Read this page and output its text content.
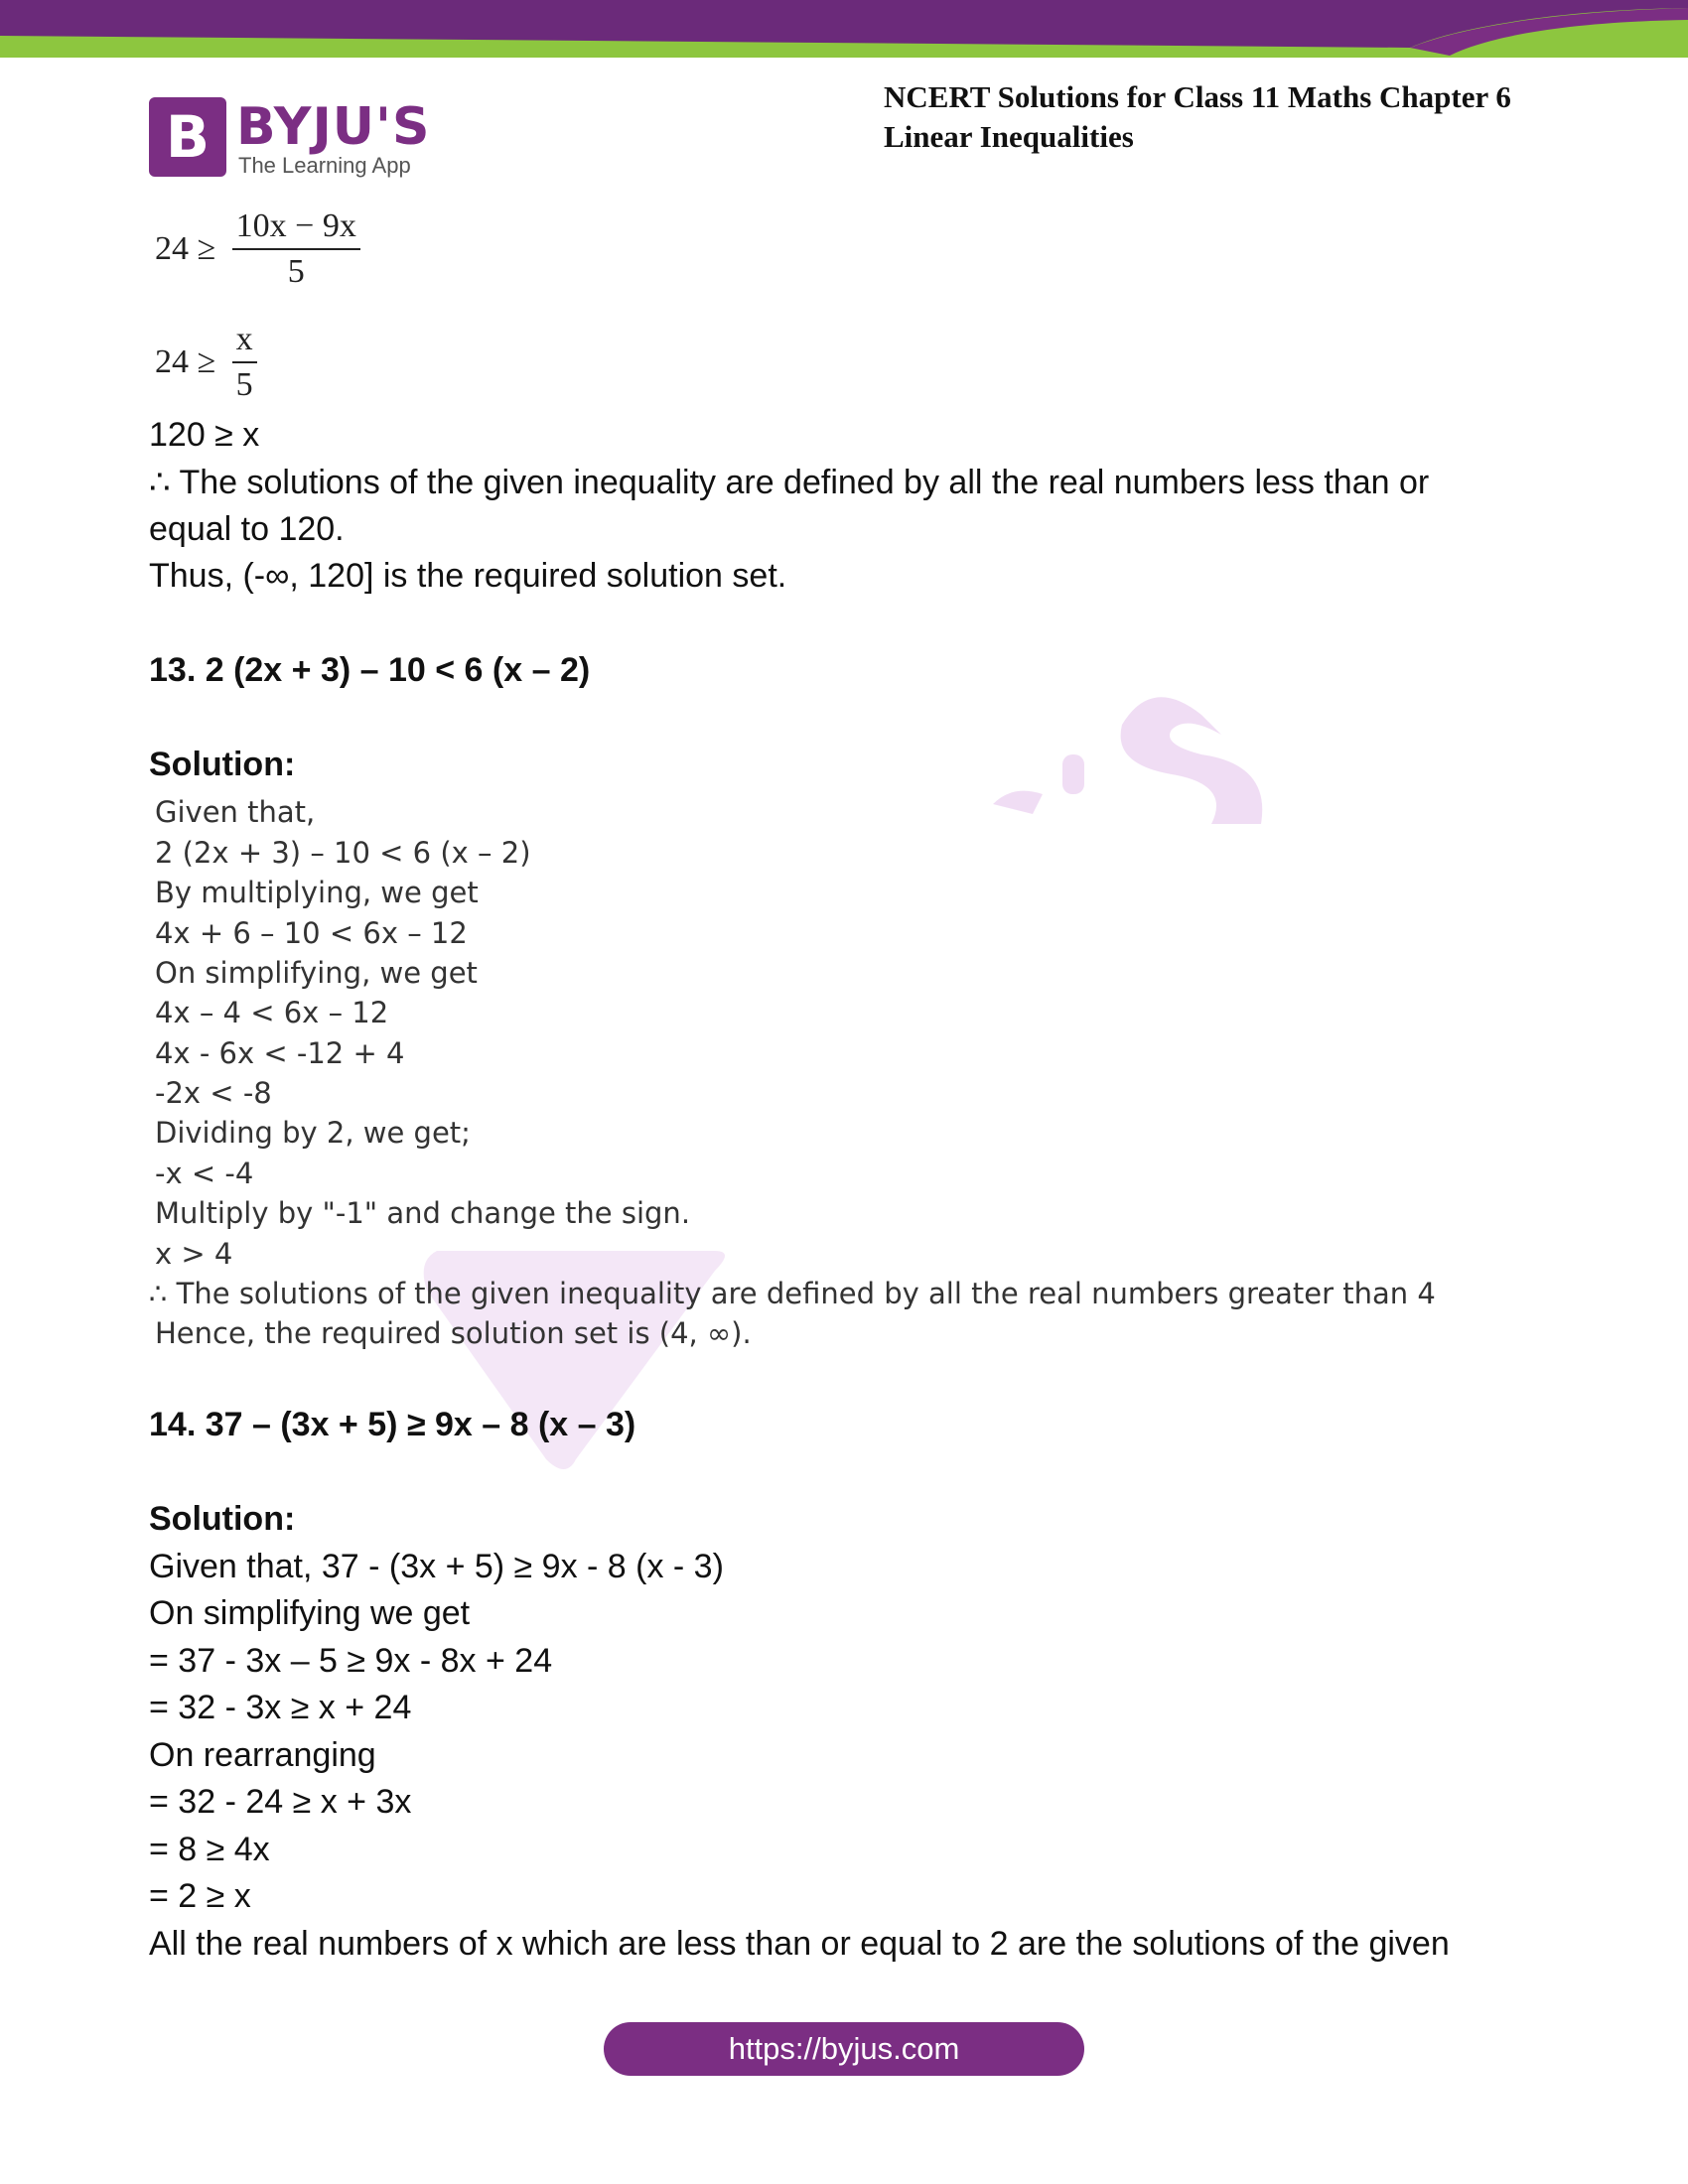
B BYJU'S
The Learning App
NCERT Solutions for Class 11 Maths Chapter 6
Linear Inequalities
$24 \ge \frac{10x - 9x}{5}$
$24 \ge \frac{x}{5}$
120 ≥ x
∴ The solutions of the given inequality are defined by all the real numbers less than or
equal to 120.
Thus, (-∞, 120] is the required solution set.
13. 2 (2x + 3) – 10 < 6 (x – 2)
Solution:
Given that,
2 (2x + 3) – 10 < 6 (x – 2)
By multiplying, we get
4x + 6 – 10 < 6x – 12
On simplifying, we get
4x – 4 < 6x – 12
4x - 6x < -12 + 4
-2x < -8
Dividing by 2, we get;
-x < -4
Multiply by "-1" and change the sign.
x > 4
∴ The solutions of the given inequality are defined by all the real numbers greater than 4
Hence, the required solution set is (4, ∞).
14. 37 – (3x + 5) ≥ 9x – 8 (x – 3)
Solution:
Given that, 37 - (3x + 5) ≥ 9x - 8 (x - 3)
On simplifying we get
= 37 - 3x – 5 ≥ 9x - 8x + 24
= 32 - 3x ≥ x + 24
On rearranging
= 32 - 24 ≥ x + 3x
= 8 ≥ 4x
= 2 ≥ x
All the real numbers of x which are less than or equal to 2 are the solutions of the given
https://byjus.com
